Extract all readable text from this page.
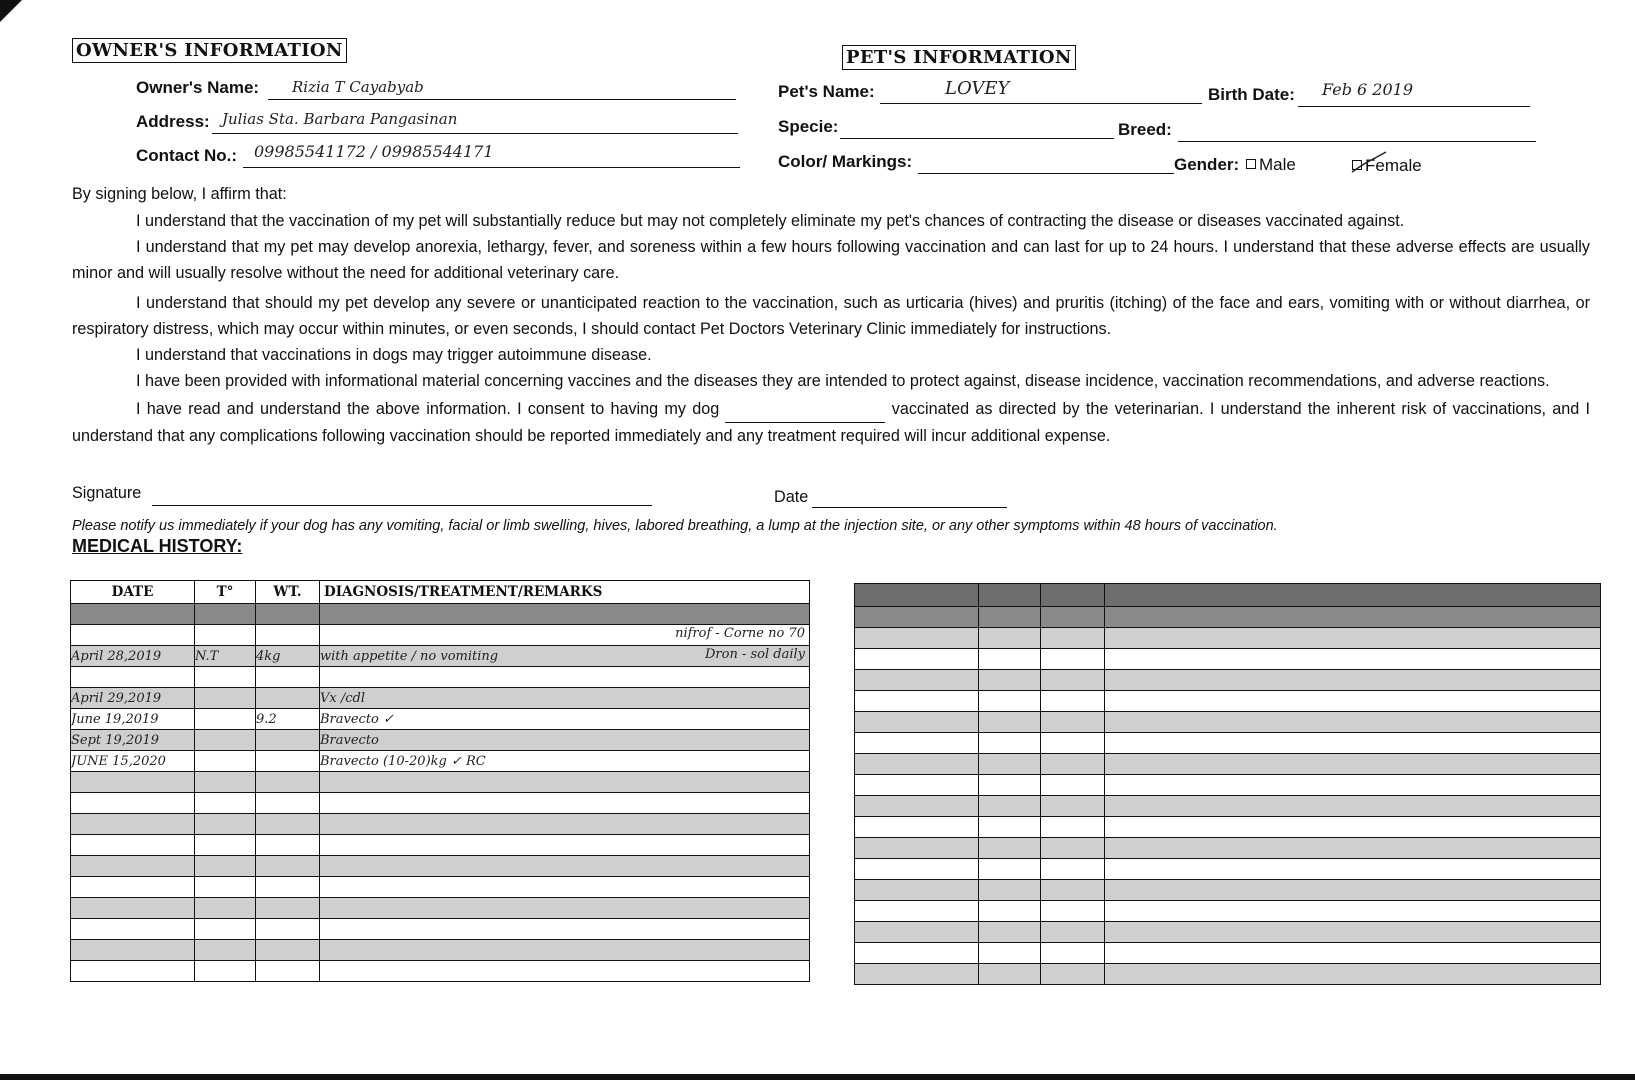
OWNER'S INFORMATION
Owner's Name: Rizia T Cayabyab
Address: Julias Sta. Barbara Pangasinan
Contact No.: 09985541172 / 09985544171
PET'S INFORMATION
Pet's Name:	LOVEY	Birth Date: Feb 6 2019
Specie:	Breed:
Color/ Markings:	Gender:	Male	Female

By signing below, I affirm that:

I understand that the vaccination of my pet will substantially reduce but may not completely eliminate my pet's chances of contracting the disease or diseases vaccinated against.

I understand that my pet may develop anorexia, lethargy, fever, and soreness within a few hours following vaccination and can last for up to 24 hours. I understand that these adverse effects are usually minor and will usually resolve without the need for additional veterinary care.

I understand that should my pet develop any severe or unanticipated reaction to the vaccination, such as urticaria (hives) and pruritis (itching) of the face and ears, vomiting with or without diarrhea, or respiratory distress, which may occur within minutes, or even seconds, I should contact Pet Doctors Veterinary Clinic immediately for instructions.

I understand that vaccinations in dogs may trigger autoimmune disease.

I have been provided with informational material concerning vaccines and the diseases they are intended to protect against, disease incidence, vaccination recommendations, and adverse reactions.

I have read and understand the above information. I consent to having my dog	vaccinated as directed by the veterinarian. I understand the inherent risk of vaccinations, and I understand that any complications following vaccination should be reported immediately and any treatment required will incur additional expense.

Signature	Date
Please notify us immediately if your dog has any vomiting, facial or limb swelling, hives, labored breathing, a lump at the injection site, or any other symptoms within 48 hours of vaccination.
MEDICAL HISTORY:
DATE	T°	WT.	DIAGNOSIS/TREATMENT/REMARKS

			nifrof - Corne no 70

April 28,2019	N.T	4kg	with appetite / no vomiting Dron - sol daily

April 29,2019			Vx /cdl
June 19,2019		9.2	Bravecto ✓
Sept 19,2019			Bravecto
JUNE 15,2020			Bravecto (10-20)kg ✓ RC
